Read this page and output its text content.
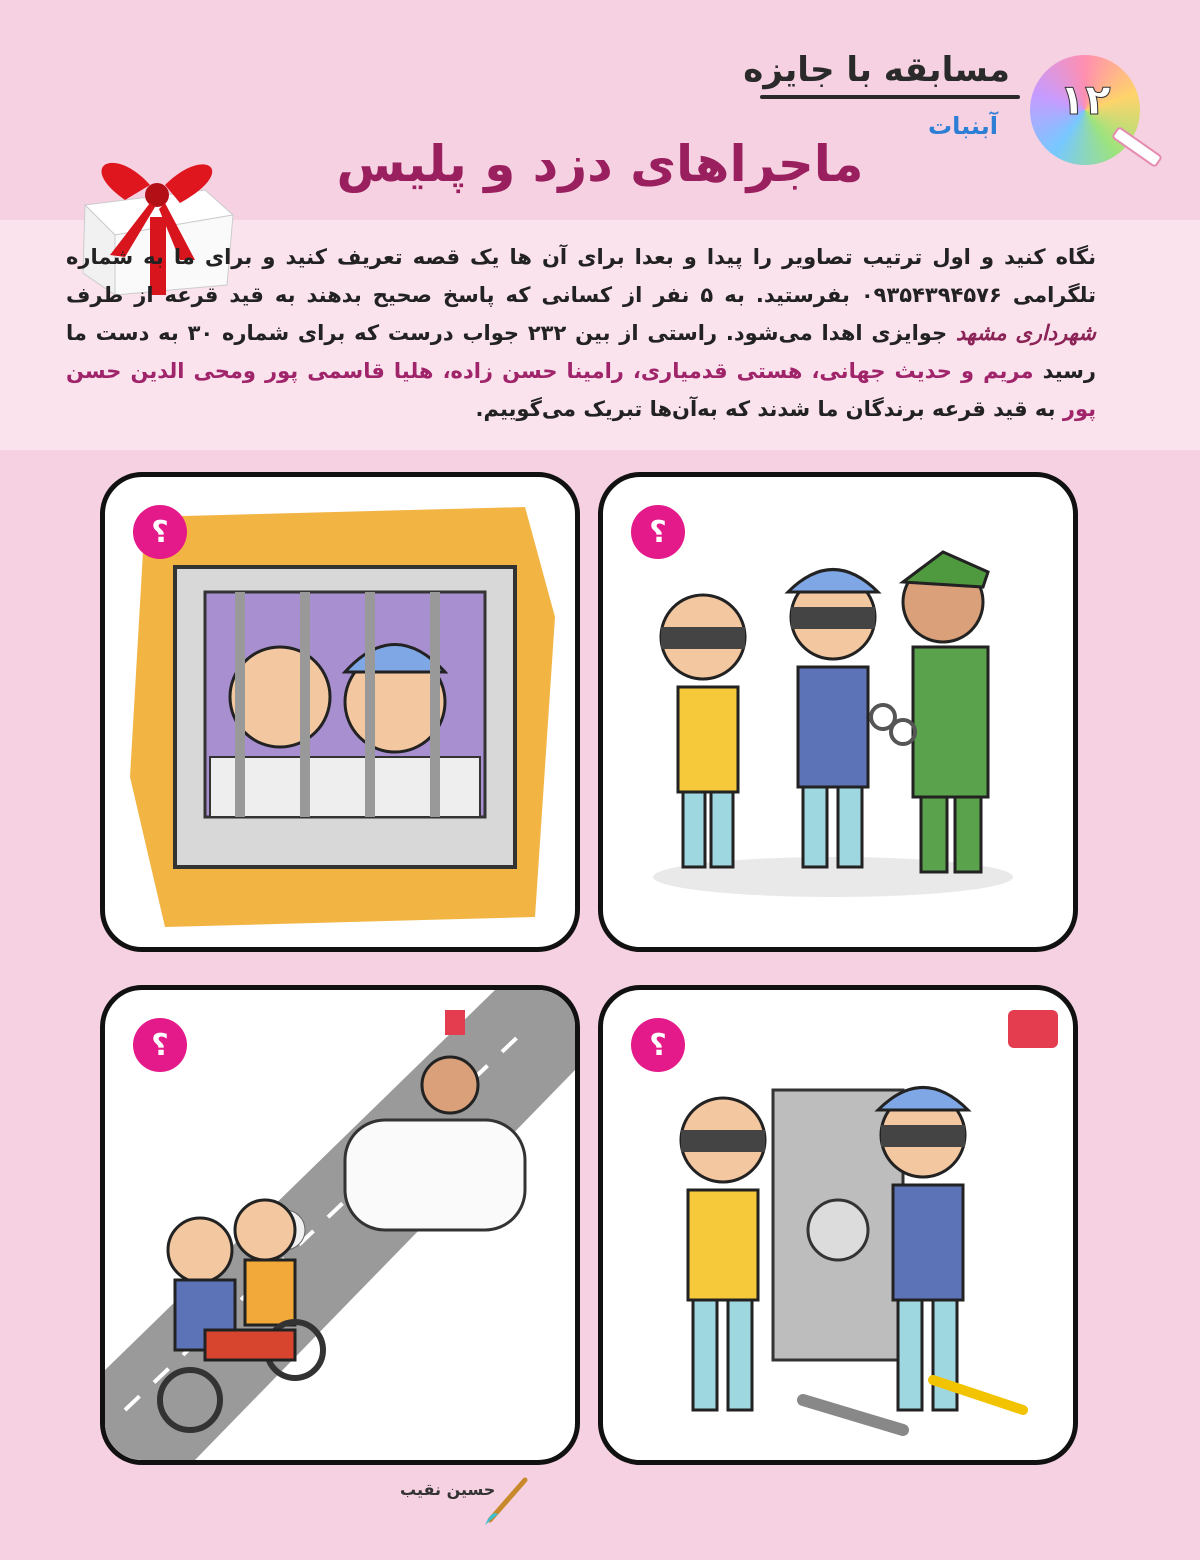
۱۲
آبنبات
مسابقه با جایزه
ماجراهای دزد و پلیس
نگاه کنید و اول ترتیب تصاویر را پیدا و بعدا برای آن ها یک قصه تعریف کنید و برای ما به شماره تلگرامی ۰۹۳۵۴۳۹۴۵۷۶ بفرستید. به ۵ نفر از کسانی که پاسخ صحیح بدهند به قید قرعه از طرف شهرداری مشهد جوایزی اهدا می‌شود. راستی از بین ۲۳۲ جواب درست که برای شماره ۳۰ به دست ما رسید مریم و حدیث جهانی، هستی قدمیاری، رامینا حسن زاده، هلیا قاسمی پور ومحی الدین حسن پور به قید قرعه برندگان ما شدند که به‌آن‌ها تبریک می‌گوییم.
؟
؟
؟
؟
حسین نقیب
